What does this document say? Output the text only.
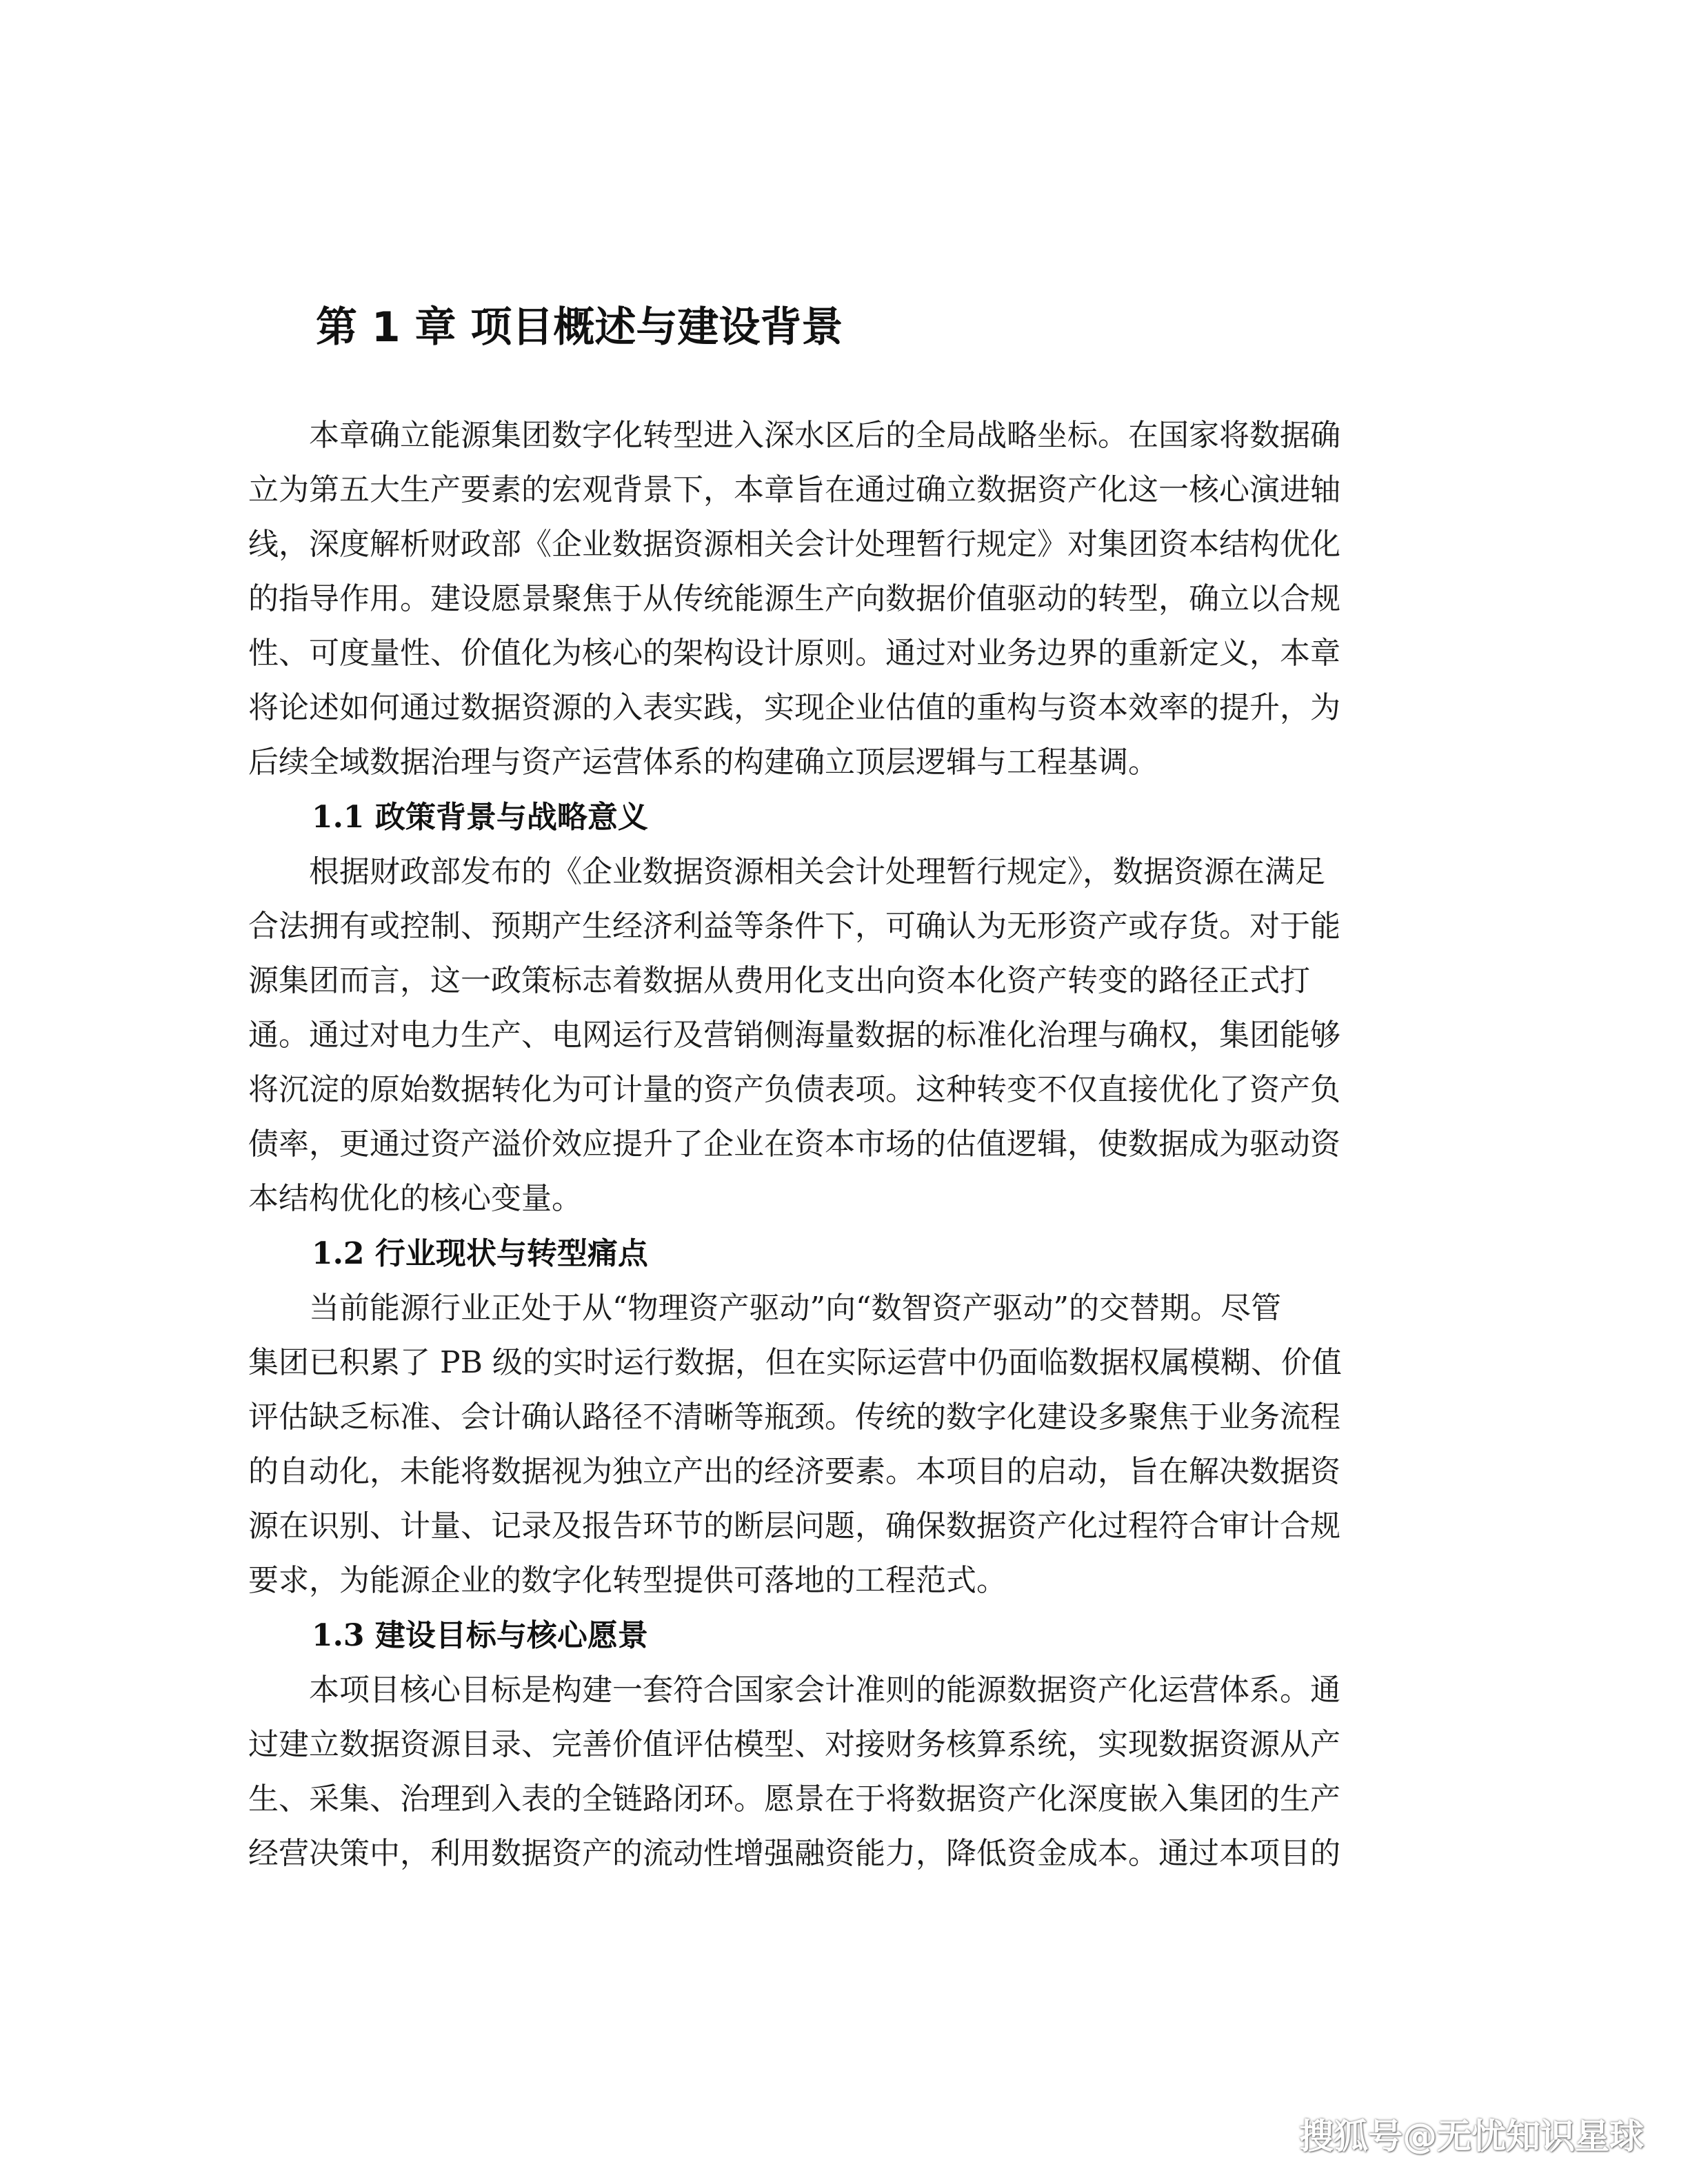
第 1 章 项目概述与建设背景
本章确立能源集团数字化转型进入深水区后的全局战略坐标。在国家将数据确
立为第五大生产要素的宏观背景下，本章旨在通过确立数据资产化这一核心演进轴
线，深度解析财政部《企业数据资源相关会计处理暂行规定》对集团资本结构优化
的指导作用。建设愿景聚焦于从传统能源生产向数据价值驱动的转型，确立以合规
性、可度量性、价值化为核心的架构设计原则。通过对业务边界的重新定义，本章
将论述如何通过数据资源的入表实践，实现企业估值的重构与资本效率的提升，为
后续全域数据治理与资产运营体系的构建确立顶层逻辑与工程基调。
1.1 政策背景与战略意义
根据财政部发布的《企业数据资源相关会计处理暂行规定》，数据资源在满足
合法拥有或控制、预期产生经济利益等条件下，可确认为无形资产或存货。对于能
源集团而言，这一政策标志着数据从费用化支出向资本化资产转变的路径正式打
通。通过对电力生产、电网运行及营销侧海量数据的标准化治理与确权，集团能够
将沉淀的原始数据转化为可计量的资产负债表项。这种转变不仅直接优化了资产负
债率，更通过资产溢价效应提升了企业在资本市场的估值逻辑，使数据成为驱动资
本结构优化的核心变量。
1.2 行业现状与转型痛点
当前能源行业正处于从“物理资产驱动”向“数智资产驱动”的交替期。尽管
集团已积累了 PB 级的实时运行数据，但在实际运营中仍面临数据权属模糊、价值
评估缺乏标准、会计确认路径不清晰等瓶颈。传统的数字化建设多聚焦于业务流程
的自动化，未能将数据视为独立产出的经济要素。本项目的启动，旨在解决数据资
源在识别、计量、记录及报告环节的断层问题，确保数据资产化过程符合审计合规
要求，为能源企业的数字化转型提供可落地的工程范式。
1.3 建设目标与核心愿景
本项目核心目标是构建一套符合国家会计准则的能源数据资产化运营体系。通
过建立数据资源目录、完善价值评估模型、对接财务核算系统，实现数据资源从产
生、采集、治理到入表的全链路闭环。愿景在于将数据资产化深度嵌入集团的生产
经营决策中，利用数据资产的流动性增强融资能力，降低资金成本。通过本项目的
搜狐号@无忧知识星球
